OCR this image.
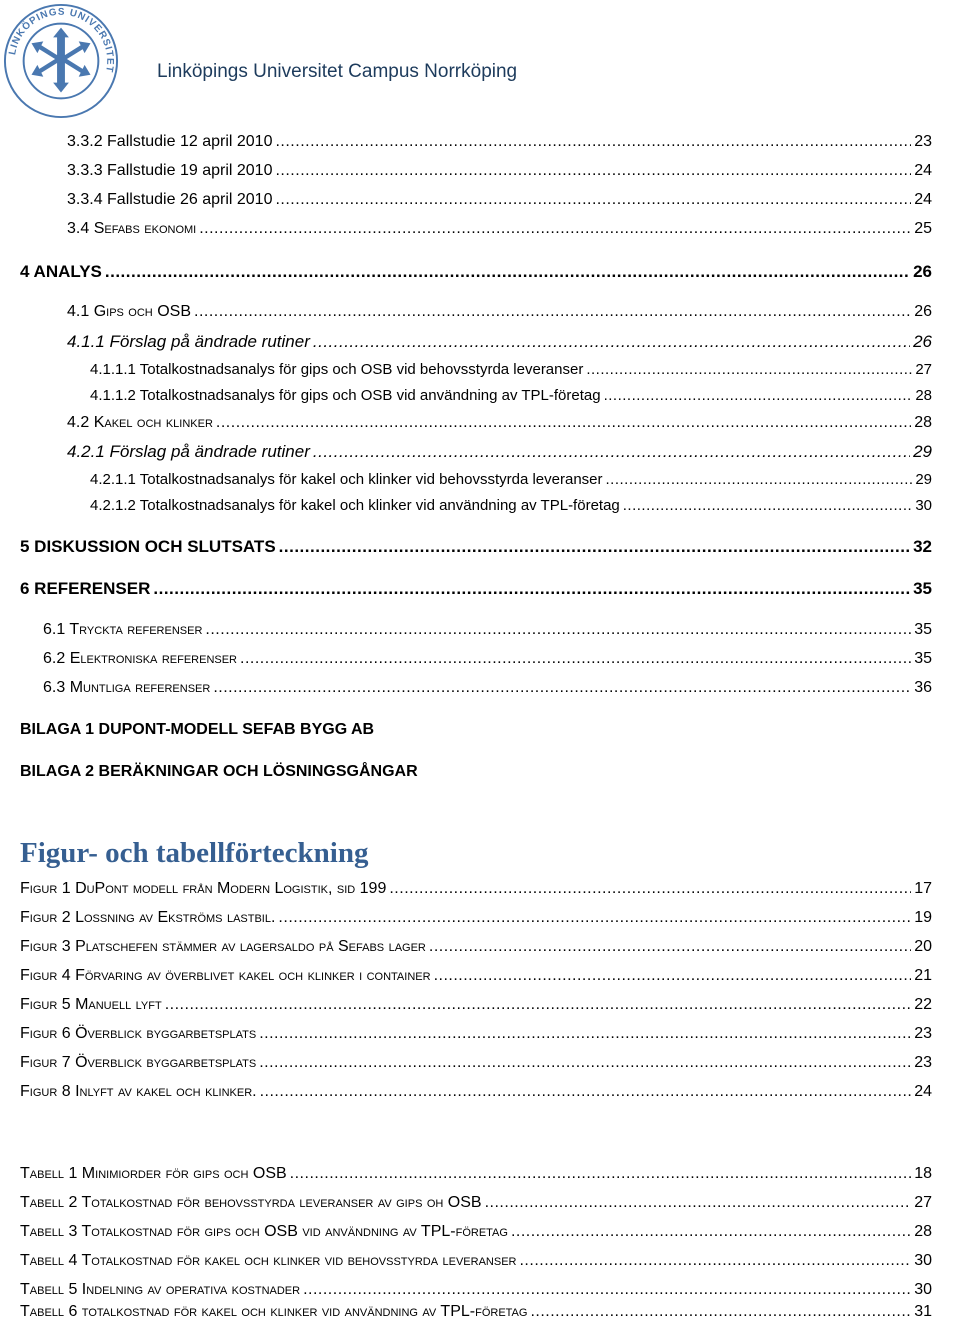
LINKÖPINGS UNIVERSITET Linköpings Universitet Campus Norrköping
3.3.2 Fallstudie 12 april 2010 .....	23
3.3.3 Fallstudie 19 april 2010 .....	24
3.3.4 Fallstudie 26 april 2010 .....	24
3.4 Sefabs ekonomi .....	25
4 ANALYS .....	26
4.1 Gips och OSB .....	26
4.1.1 Förslag på ändrade rutiner .....	26
4.1.1.1 Totalkostnadsanalys för gips och OSB vid behovsstyrda leveranser .....	27
4.1.1.2 Totalkostnadsanalys för gips och OSB vid användning av TPL-företag .....	28
4.2 Kakel och klinker .....	28
4.2.1 Förslag på ändrade rutiner .....	29
4.2.1.1 Totalkostnadsanalys för kakel och klinker vid behovsstyrda leveranser .....	29
4.2.1.2 Totalkostnadsanalys för kakel och klinker vid användning av TPL-företag .....	30
5 DISKUSSION OCH SLUTSATS .....	32
6 REFERENSER .....	35
6.1 Tryckta referenser .....	35
6.2 Elektroniska referenser .....	35
6.3 Muntliga referenser .....	36
BILAGA 1 DUPONT-MODELL SEFAB BYGG AB
BILAGA 2 BERÄKNINGAR OCH LÖSNINGSGÅNGAR
Figur- och tabellförteckning
Figur 1 DuPont modell från Modern Logistik, sid 199 .....	17
Figur 2 Lossning av Ekströms lastbil. .....	19
Figur 3 Platschefen stämmer av lagersaldo på Sefabs lager .....	20
Figur 4 Förvaring av överblivet kakel och klinker i container .....	21
Figur 5 Manuell lyft .....	22
Figur 6 Överblick byggarbetsplats .....	23
Figur 7 Överblick byggarbetsplats .....	23
Figur 8 Inlyft av kakel och klinker. .....	24
Tabell 1 Minimiorder för gips och OSB .....	18
Tabell 2 Totalkostnad för behovsstyrda leveranser av gips oh OSB .....	27
Tabell 3 Totalkostnad för gips och OSB vid användning av TPL-företag .....	28
Tabell 4 Totalkostnad för kakel och klinker vid behovsstyrda leveranser .....	30
Tabell 5 Indelning av operativa kostnader .....	30
Tabell 6 totalkostnad för kakel och klinker vid användning av TPL-företag .....	31
